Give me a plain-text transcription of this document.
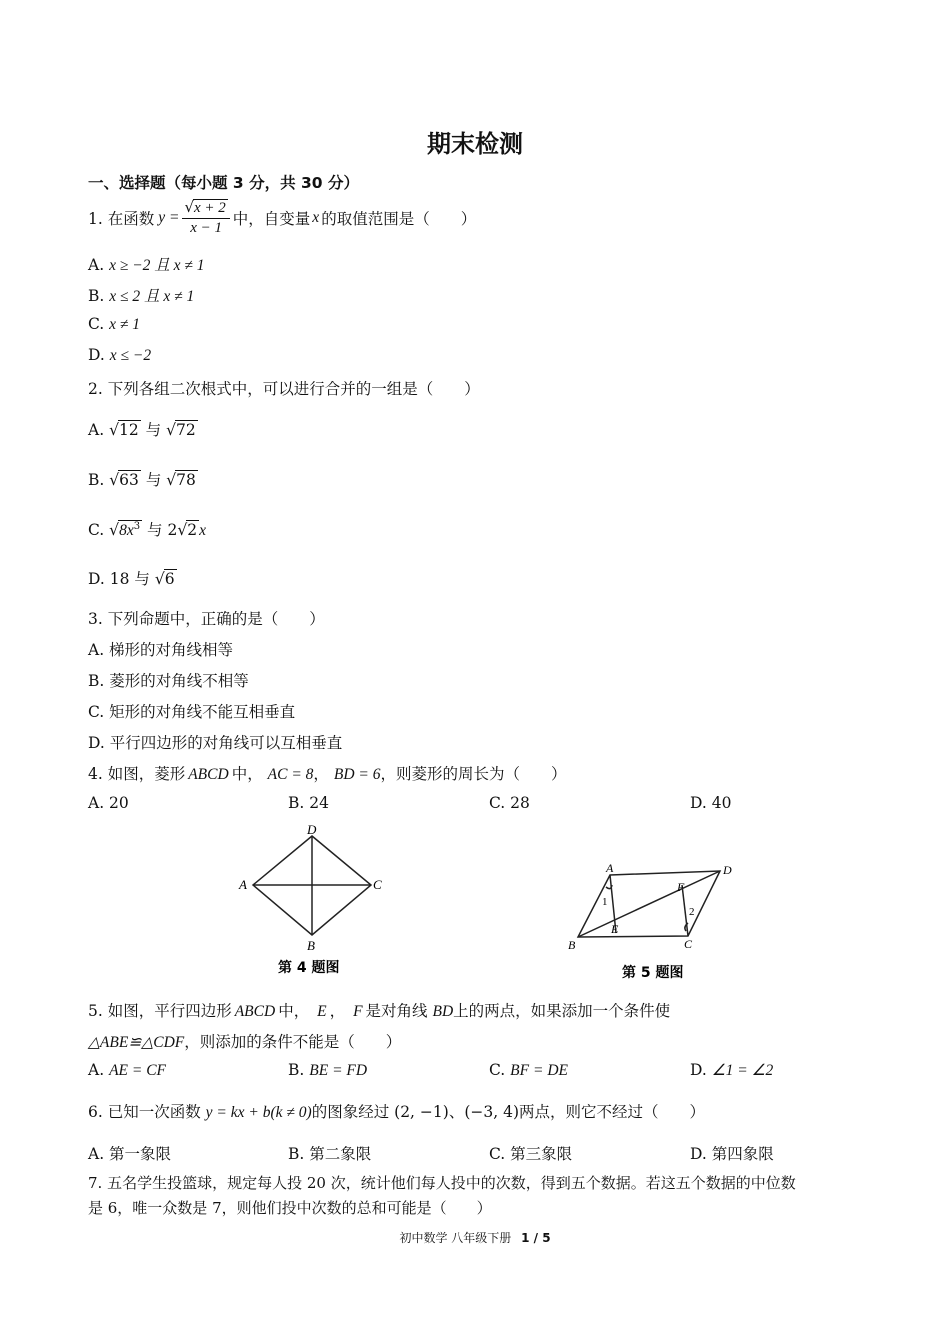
期末检测
一、选择题（每小题 3 分，共 30 分）
1. 在函数 $y = \frac{√x + 2}{x - 1}$ 中，自变量 x 的取值范围是（　　）
A. x ≥ −2 且 x ≠ 1
B. x ≤ 2 且 x ≠ 1
C. x ≠ 1
D. x ≤ −2
2. 下列各组二次根式中，可以进行合并的一组是（　　）
A. √12 与 √72
B. √63 与 √78
C. $√8x^3$ 与 2√2 x
D. 18 与 √6
3. 下列命题中，正确的是（　　）
A. 梯形的对角线相等
B. 菱形的对角线不相等
C. 矩形的对角线不能互相垂直
D. 平行四边形的对角线可以互相垂直
4. 如图，菱形 ABCD 中， AC = 8， BD = 6，则菱形的周长为（　　）
A. 20	B. 24	C. 28	D. 40
D
A	C
B
第 4 题图
A	D
B	C
E
F
1
2
第 5 题图
5. 如图，平行四边形 ABCD 中， E ， F 是对角线 BD上的两点，如果添加一个条件使
△ABE≌△CDF，则添加的条件不能是（　　）
A. AE = CF	B. BE = FD	C. BF = DE	D. ∠1 = ∠2
6. 已知一次函数 y = kx + b(k ≠ 0)的图象经过 (2, −1)、(−3, 4)两点，则它不经过（　　）
A. 第一象限	B. 第二象限	C. 第三象限	D. 第四象限
7. 五名学生投篮球，规定每人投 20 次，统计他们每人投中的次数，得到五个数据。若这五个数据的中位数
是 6，唯一众数是 7，则他们投中次数的总和可能是（　　）
初中数学 八年级下册 1 / 5
